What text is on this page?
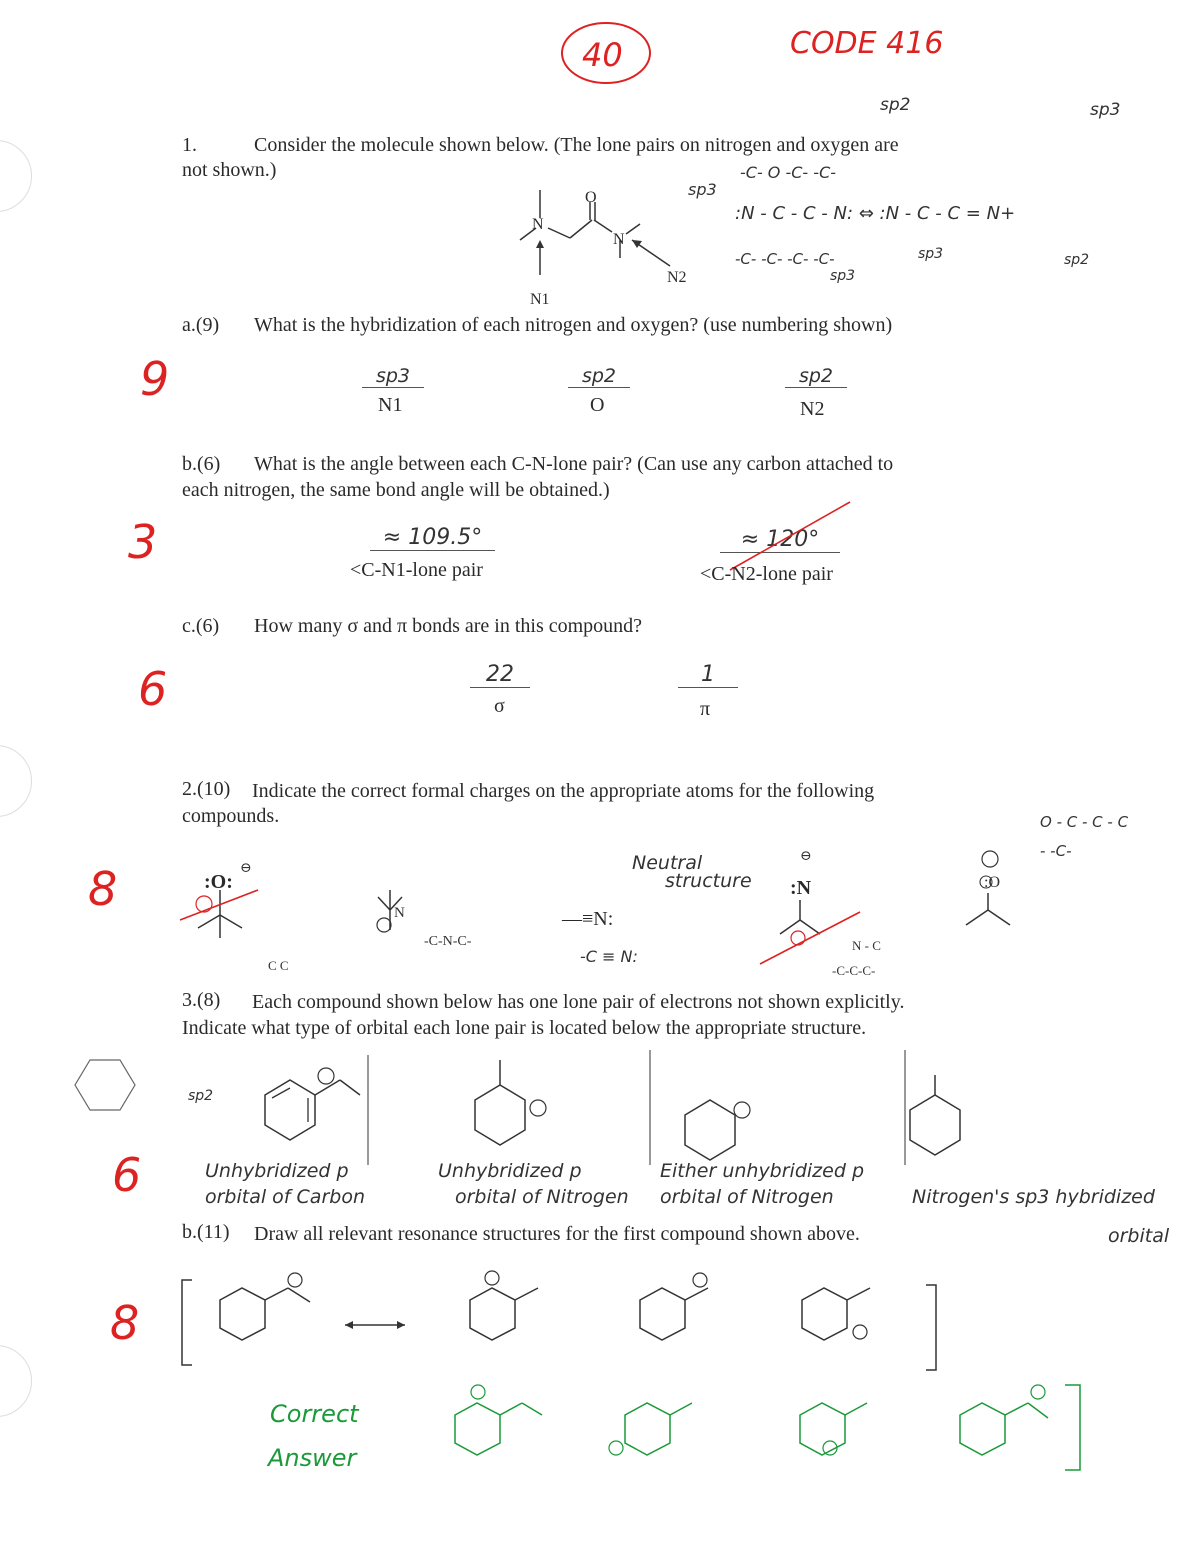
40	CODE 416
1.	Consider the molecule shown below. (The lone pairs on nitrogen and oxygen are
not shown.)
N
O
N
N2
N1
sp2	sp3
sp3
-C- O -C- -C-
:N - C - C - N: ⇔ :N - C - C = N+
-C- -C- -C- -C-
sp3
sp3	sp2
a.(9) What is the hybridization of each nitrogen and oxygen? (use numbering shown)
9	sp3
N1
sp2
O
sp2
N2
b.(6) What is the angle between each C-N-lone pair? (Can use any carbon attached to
each nitrogen, the same bond angle will be obtained.)
3	≈ 109.5°
<C-N1-lone pair
≈ 120°
<C-N2-lone pair
c.(6) How many σ and π bonds are in this compound?
6	22
σ
1
π
2.(10) Indicate the correct formal charges on the appropriate atoms for the following
compounds.
8
O - C - C - C - -C-
:O:
⊖
C C
N
-C-N-C-
Neutral
structure
—≡N:
-C ≡ N:
:N
⊖
N - C
-C-C-C-
:O
3.(8) Each compound shown below has one lone pair of electrons not shown explicitly.
Indicate what type of orbital each lone pair is located below the appropriate structure.
6
sp2
Unhybridized p
orbital of Carbon
Unhybridized p
orbital of Nitrogen
Either unhybridized p
orbital of Nitrogen	Nitrogen's sp3 hybridized
orbital
b.(11) Draw all relevant resonance structures for the first compound shown above.
8
Correct
Answer
